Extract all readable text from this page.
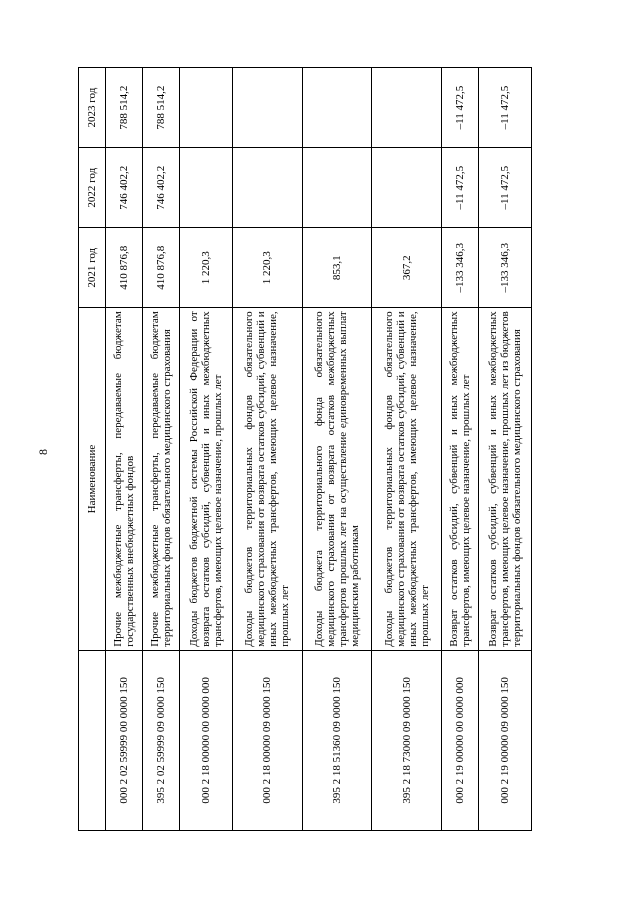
8
		Наименование	2021 год	2022 год	2023 год
000 2 02 59999 00 0000 150	Прочие межбюджетные трансферты, передаваемые бюджетам государственных внебюджетных фондов	410 876,8	746 402,2	788 514,2
395 2 02 59999 09 0000 150	Прочие межбюджетные трансферты, передаваемые бюджетам территориальных фондов обязательного медицинского страхования	410 876,8	746 402,2	788 514,2
000 2 18 00000 00 0000 000	Доходы бюджетов бюджетной системы Российской Федерации от возврата остатков субсидий, субвенций и иных межбюджетных трансфертов, имеющих целевое назначение, прошлых лет	1 220,3		
000 2 18 00000 09 0000 150	Доходы бюджетов территориальных фондов обязательного медицинского страхования от возврата остатков субсидий, субвенций и иных межбюджетных трансфертов, имеющих целевое назначение, прошлых лет	1 220,3		
395 2 18 51360 09 0000 150	Доходы бюджета территориального фонда обязательного медицинского страхования от возврата остатков межбюджетных трансфертов прошлых лет на осуществление единовременных выплат медицинским работникам	853,1		
395 2 18 73000 09 0000 150	Доходы бюджетов территориальных фондов обязательного медицинского страхования от возврата остатков субсидий, субвенций и иных межбюджетных трансфертов, имеющих целевое назначение, прошлых лет	367,2		
000 2 19 00000 00 0000 000	Возврат остатков субсидий, субвенций и иных межбюджетных трансфертов, имеющих целевое назначение, прошлых лет	–133 346,3	–11 472,5	–11 472,5
000 2 19 00000 09 0000 150	Возврат остатков субсидий, субвенций и иных межбюджетных трансфертов, имеющих целевое назначение, прошлых лет из бюджетов территориальных фондов обязательного медицинского страхования	–133 346,3	–11 472,5	–11 472,5
